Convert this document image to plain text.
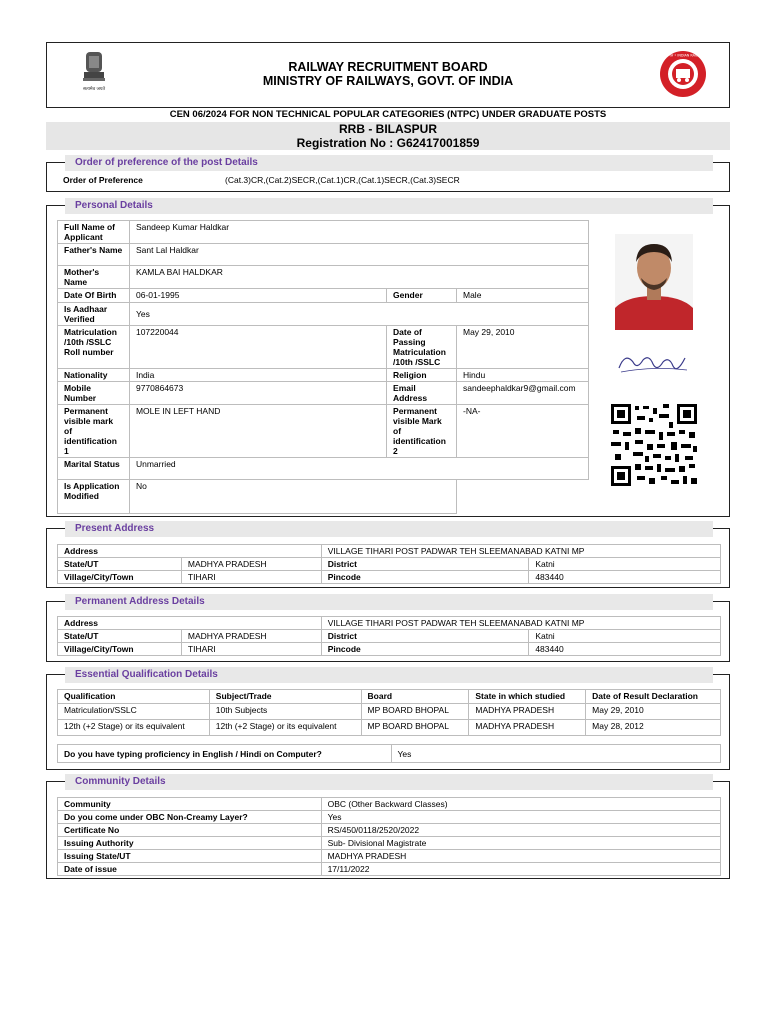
सत्यमेव जयते
RAILWAY RECRUITMENT BOARD
MINISTRY OF RAILWAYS, GOVT. OF INDIA
भारतीय रेल • INDIAN RAILWAYS
CEN 06/2024 FOR NON TECHNICAL POPULAR CATEGORIES (NTPC) UNDER GRADUATE POSTS
RRB - BILASPUR
Registration No : G62417001859
Order of preference of the post Details
Order of Preference	(Cat.3)CR,(Cat.2)SECR,(Cat.1)CR,(Cat.1)SECR,(Cat.3)SECR
Personal Details
Full Name of Applicant	Sandeep Kumar Haldkar		
Father's Name	Sant Lal Haldkar		
Mother's Name	KAMLA BAI HALDKAR		
Date Of Birth	06-01-1995	Gender	Male
Is Aadhaar Verified	Yes		
Matriculation /10th /SSLC Roll number	107220044	Date of Passing Matriculation /10th /SSLC	May 29, 2010
Nationality	India	Religion	Hindu
Mobile Number	9770864673	Email Address	sandeephaldkar9@gmail.com
Permanent visible mark of identification 1	MOLE IN LEFT HAND	Permanent visible Mark of identification 2	-NA-
Marital Status	Unmarried		
Is Application Modified	No		
Present Address
Address		VILLAGE TIHARI POST PADWAR TEH SLEEMANABAD KATNI MP	
State/UT	MADHYA PRADESH	District	Katni
Village/City/Town	TIHARI	Pincode	483440
Permanent Address Details
Address		VILLAGE TIHARI POST PADWAR TEH SLEEMANABAD KATNI MP	
State/UT	MADHYA PRADESH	District	Katni
Village/City/Town	TIHARI	Pincode	483440
Essential Qualification Details
Qualification	Subject/Trade	Board	State in which studied	Date of Result Declaration
Matriculation/SSLC	10th Subjects	MP BOARD BHOPAL	MADHYA PRADESH	May 29, 2010
12th (+2 Stage) or its equivalent	12th (+2 Stage) or its equivalent	MP BOARD BHOPAL	MADHYA PRADESH	May 28, 2012
Do you have typing proficiency in English / Hindi on Computer?	Yes
Community Details
Community	OBC (Other Backward Classes)
Do you come under OBC Non-Creamy Layer?	Yes
Certificate No	RS/450/0118/2520/2022
Issuing Authority	Sub- Divisional Magistrate
Issuing State/UT	MADHYA PRADESH
Date of issue	17/11/2022
